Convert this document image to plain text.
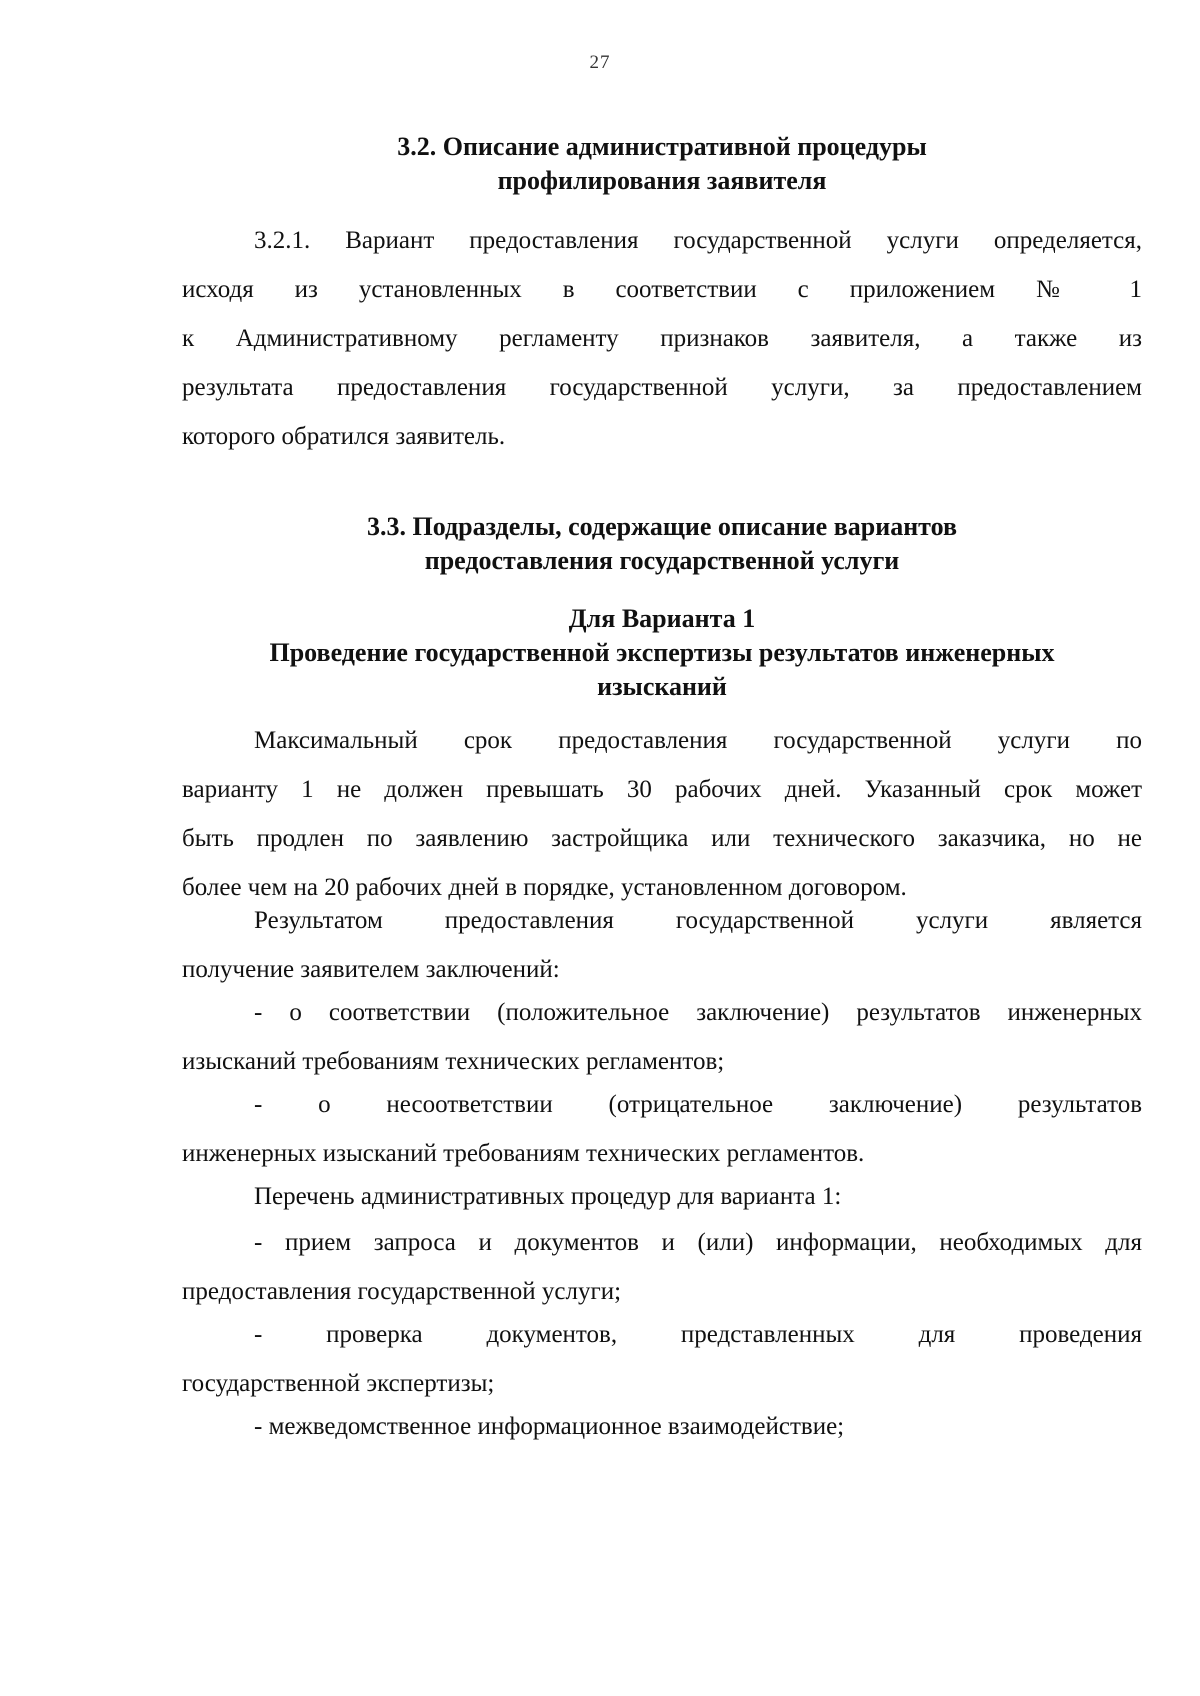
27
3.2. Описание административной процедуры
профилирования заявителя
3.2.1. Вариант предоставления государственной услуги определяется,
исходя из установленных в соответствии с приложением № 1
к Административному регламенту признаков заявителя, а также из
результата предоставления государственной услуги, за предоставлением
которого обратился заявитель.
3.3. Подразделы, содержащие описание вариантов
предоставления государственной услуги
Для Варианта 1
Проведение государственной экспертизы результатов инженерных
изысканий
Максимальный срок предоставления государственной услуги по
варианту 1 не должен превышать 30 рабочих дней. Указанный срок может
быть продлен по заявлению застройщика или технического заказчика, но не
более чем на 20 рабочих дней в порядке, установленном договором.
Результатом предоставления государственной услуги является
получение заявителем заключений:
- о соответствии (положительное заключение) результатов инженерных
изысканий требованиям технических регламентов;
- о несоответствии (отрицательное заключение) результатов
инженерных изысканий требованиям технических регламентов.
Перечень административных процедур для варианта 1:
- прием запроса и документов и (или) информации, необходимых для
предоставления государственной услуги;
- проверка документов, представленных для проведения
государственной экспертизы;
- межведомственное информационное взаимодействие;
